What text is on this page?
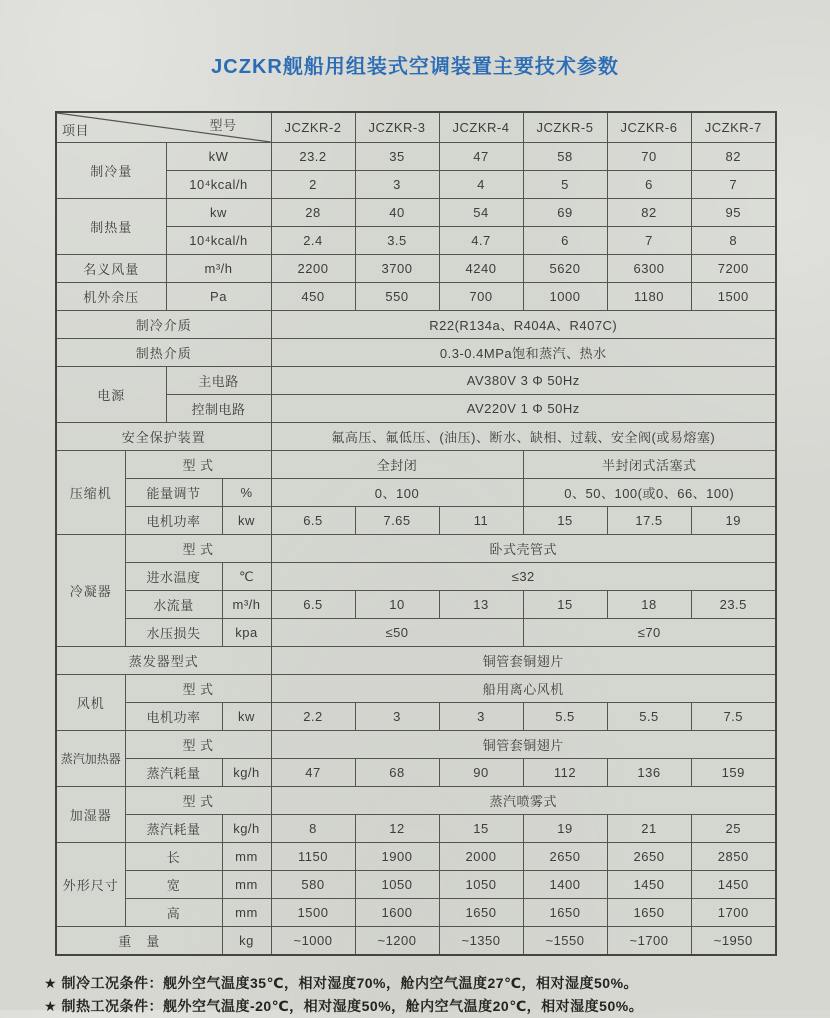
JCZKR舰船用组装式空调装置主要技术参数
项目 型号				JCZKR-2	JCZKR-3	JCZKR-4	JCZKR-5	JCZKR-6	JCZKR-7
制冷量		kW		23.2	35	47	58	70	82
		10⁴kcal/h		2	3	4	5	6	7
制热量		kw		28	40	54	69	82	95
		10⁴kcal/h		2.4	3.5	4.7	6	7	8
名义风量		m³/h		2200	3700	4240	5620	6300	7200
机外余压		Pa		450	550	700	1000	1180	1500
制冷介质				R22(R134a、R404A、R407C)					
制热介质				0.3-0.4MPa饱和蒸汽、热水					
电源		主电路		AV380V 3 Φ 50Hz					
		控制电路		AV220V 1 Φ 50Hz					
安全保护装置				氟高压、氟低压、(油压)、断水、缺相、过载、安全阀(或易熔塞)					
压缩机	型 式			全封闭			半封闭式活塞式		
	能量调节		%	0、100			0、50、100(或0、66、100)		
	电机功率		kw	6.5	7.65	11	15	17.5	19
冷凝器	型 式			卧式壳管式					
	进水温度		℃	≤32					
	水流量		m³/h	6.5	10	13	15	18	23.5
	水压损失		kpa	≤50			≤70		
蒸发器型式				铜管套铜翅片					
风机	型 式			船用离心风机					
	电机功率		kw	2.2	3	3	5.5	5.5	7.5
蒸汽加热器	型 式			铜管套铜翅片					
	蒸汽耗量		kg/h	47	68	90	112	136	159
加湿器	型 式			蒸汽喷雾式					
	蒸汽耗量		kg/h	8	12	15	19	21	25
外形尺寸	长		mm	1150	1900	2000	2650	2650	2850
	宽		mm	580	1050	1050	1400	1450	1450
	高		mm	1500	1600	1650	1650	1650	1700
重　量			kg	~1000	~1200	~1350	~1550	~1700	~1950
★ 制冷工况条件：舰外空气温度35℃，相对湿度70%，舱内空气温度27℃，相对湿度50%。
★ 制热工况条件：舰外空气温度-20℃，相对湿度50%，舱内空气温度20℃，相对湿度50%。
